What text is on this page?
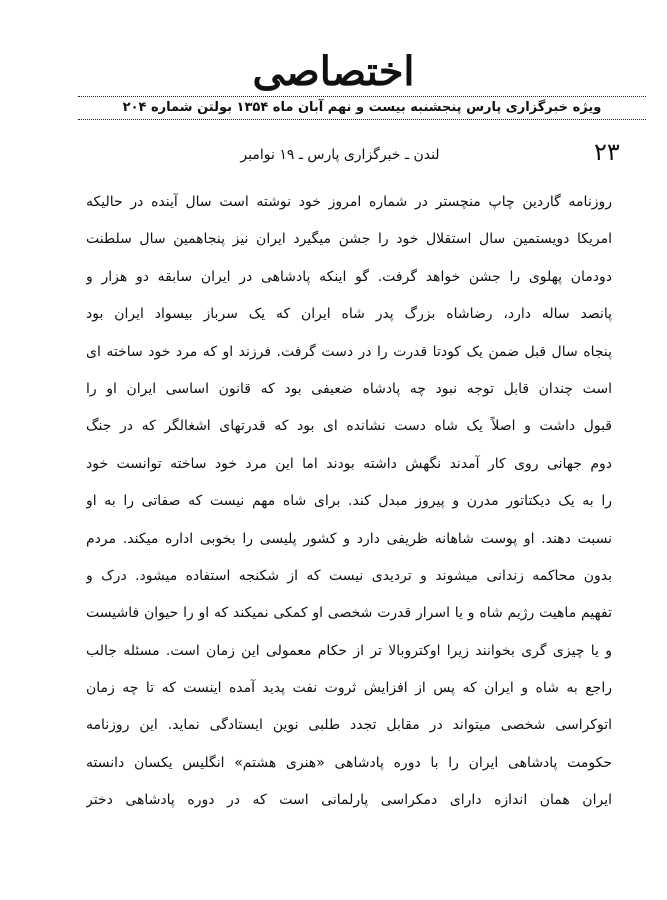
اختصاصی
ویژه خبرگزاری پارس پنجشنبه بیست و نهم آبان ماه ۱۳۵۴ بولتن شماره ۲۰۴
۲۳
لندن ـ خبرگزاری پارس ـ ۱۹ نوامبر
روزنامه گاردین چاپ منچستر در شماره امروز خود نوشته است سال آینده در حالیکه
امریکا دویستمین سال استقلال خود را جشن میگیرد ایران نیز پنجاهمین سال سلطنت
دودمان پهلوی را جشن خواهد گرفت. گو اینکه پادشاهی در ایران سابقه دو هزار و
پانصد ساله دارد، رضاشاه بزرگ پدر شاه ایران که یک سرباز بیسواد ایران بود
پنجاه سال قبل ضمن یک کودتا قدرت را در دست گرفت. فرزند او که مرد خود ساخته ای
است چندان قابل توجه نبود چه پادشاه ضعیفی بود که قانون اساسی ایران او را
قبول داشت و اصلاً یک شاه دست نشانده ای بود که قدرتهای اشغالگر که در جنگ
دوم جهانی روی کار آمدند نگهش داشته بودند اما این مرد خود ساخته توانست خود
را به یک دیکتاتور مدرن و پیروز مبدل کند. برای شاه مهم نیست که صفاتی را به او
نسبت دهند. او پوست شاهانه ظریفی دارد و کشور پلیسی را بخوبی اداره میکند. مردم
بدون محاکمه زندانی میشوند و تردیدی نیست که از شکنجه استفاده میشود. درک و
تفهیم ماهیت رژیم شاه و یا اسرار قدرت شخصی او کمکی نمیکند که او را حیوان فاشیست
و یا چیزی گری بخوانند زیرا اوکتروبالا تر از حکام معمولی این زمان است. مسئله جالب
راجع به شاه و ایران که پس از افزایش ثروت نفت پدید آمده اینست که تا چه زمان
اتوکراسی شخصی میتواند در مقابل تجدد طلبی نوین ایستادگی نماید. این روزنامه
حکومت پادشاهی ایران را با دوره پادشاهی «هنری هشتم» انگلیس یکسان دانسته
ایران همان اندازه دارای دمکراسی پارلمانی است که در دوره پادشاهی دختر
